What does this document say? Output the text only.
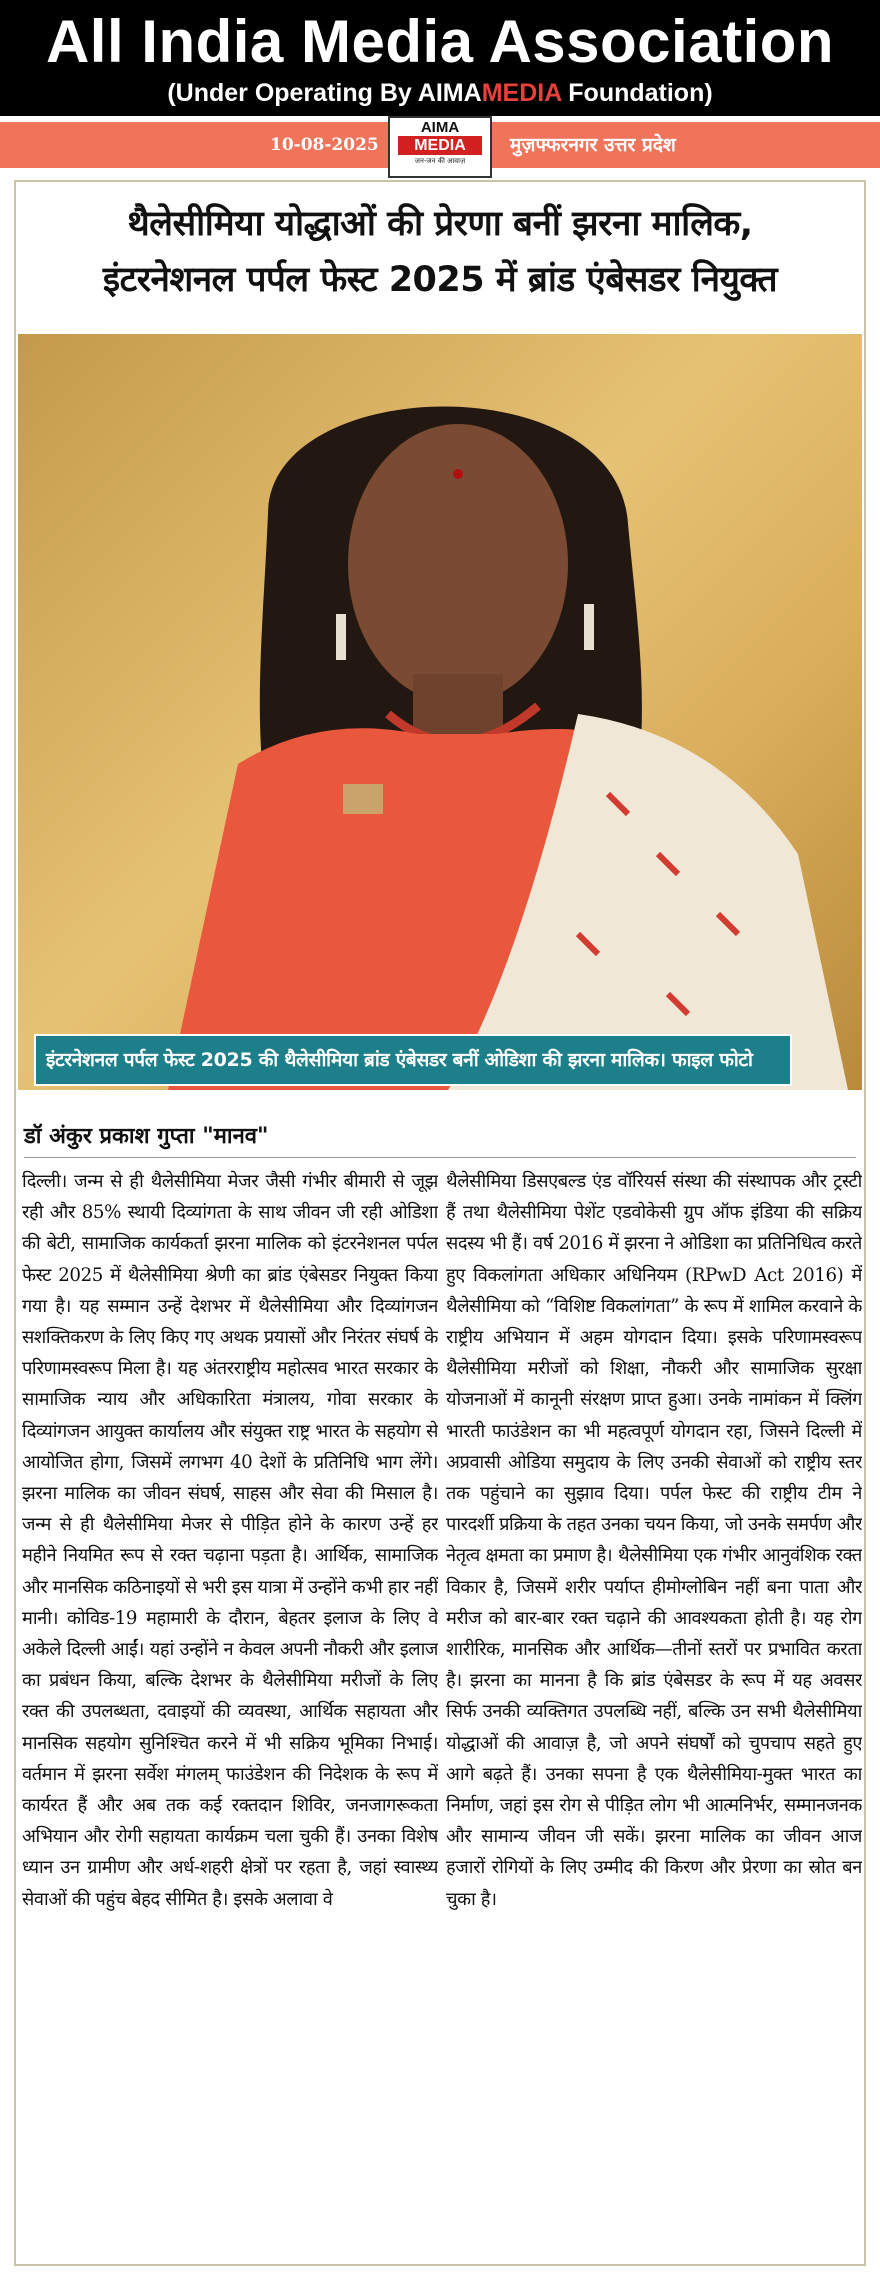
All India Media Association
(Under Operating By AIMAMEDIA Foundation)
10-08-2025	मुज़फ्फरनगर उत्तर प्रदेश
AIMA
MEDIA
जन-जन की आवाज़
थैलेसीमिया योद्धाओं की प्रेरणा बनीं झरना मालिक,
इंटरनेशनल पर्पल फेस्ट 2025 में ब्रांड एंबेसडर नियुक्त
इंटरनेशनल पर्पल फेस्ट 2025 की थैलेसीमिया ब्रांड एंबेसडर बनीं ओडिशा की झरना मालिक। फाइल फोटो
डॉ अंकुर प्रकाश गुप्ता "मानव"
दिल्ली। जन्म से ही थैलेसीमिया मेजर जैसी गंभीर बीमारी से जूझ रही और 85% स्थायी दिव्यांगता के साथ जीवन जी रही ओडिशा की बेटी, सामाजिक कार्यकर्ता झरना मालिक को इंटरनेशनल पर्पल फेस्ट 2025 में थैलेसीमिया श्रेणी का ब्रांड एंबेसडर नियुक्त किया गया है। यह सम्मान उन्हें देशभर में थैलेसीमिया और दिव्यांगजन सशक्तिकरण के लिए किए गए अथक प्रयासों और निरंतर संघर्ष के परिणामस्वरूप मिला है। यह अंतरराष्ट्रीय महोत्सव भारत सरकार के सामाजिक न्याय और अधिकारिता मंत्रालय, गोवा सरकार के दिव्यांगजन आयुक्त कार्यालय और संयुक्त राष्ट्र भारत के सहयोग से आयोजित होगा, जिसमें लगभग 40 देशों के प्रतिनिधि भाग लेंगे। झरना मालिक का जीवन संघर्ष, साहस और सेवा की मिसाल है। जन्म से ही थैलेसीमिया मेजर से पीड़ित होने के कारण उन्हें हर महीने नियमित रूप से रक्त चढ़ाना पड़ता है। आर्थिक, सामाजिक और मानसिक कठिनाइयों से भरी इस यात्रा में उन्होंने कभी हार नहीं मानी। कोविड-19 महामारी के दौरान, बेहतर इलाज के लिए वे अकेले दिल्ली आईं। यहां उन्होंने न केवल अपनी नौकरी और इलाज का प्रबंधन किया, बल्कि देशभर के थैलेसीमिया मरीजों के लिए रक्त की उपलब्धता, दवाइयों की व्यवस्था, आर्थिक सहायता और मानसिक सहयोग सुनिश्चित करने में भी सक्रिय भूमिका निभाई। वर्तमान में झरना सर्वेश मंगलम् फाउंडेशन की निदेशक के रूप में कार्यरत हैं और अब तक कई रक्तदान शिविर, जनजागरूकता अभियान और रोगी सहायता कार्यक्रम चला चुकी हैं। उनका विशेष ध्यान उन ग्रामीण और अर्ध-शहरी क्षेत्रों पर रहता है, जहां स्वास्थ्य सेवाओं की पहुंच बेहद सीमित है। इसके अलावा वे
थैलेसीमिया डिसएबल्ड एंड वॉरियर्स संस्था की संस्थापक और ट्रस्टी हैं तथा थैलेसीमिया पेशेंट एडवोकेसी ग्रुप ऑफ इंडिया की सक्रिय सदस्य भी हैं। वर्ष 2016 में झरना ने ओडिशा का प्रतिनिधित्व करते हुए विकलांगता अधिकार अधिनियम (RPwD Act 2016) में थैलेसीमिया को “विशिष्ट विकलांगता” के रूप में शामिल करवाने के राष्ट्रीय अभियान में अहम योगदान दिया। इसके परिणामस्वरूप थैलेसीमिया मरीजों को शिक्षा, नौकरी और सामाजिक सुरक्षा योजनाओं में कानूनी संरक्षण प्राप्त हुआ। उनके नामांकन में क्लिंग भारती फाउंडेशन का भी महत्वपूर्ण योगदान रहा, जिसने दिल्ली में अप्रवासी ओडिया समुदाय के लिए उनकी सेवाओं को राष्ट्रीय स्तर तक पहुंचाने का सुझाव दिया। पर्पल फेस्ट की राष्ट्रीय टीम ने पारदर्शी प्रक्रिया के तहत उनका चयन किया, जो उनके समर्पण और नेतृत्व क्षमता का प्रमाण है। थैलेसीमिया एक गंभीर आनुवंशिक रक्त विकार है, जिसमें शरीर पर्याप्त हीमोग्लोबिन नहीं बना पाता और मरीज को बार-बार रक्त चढ़ाने की आवश्यकता होती है। यह रोग शारीरिक, मानसिक और आर्थिक—तीनों स्तरों पर प्रभावित करता है। झरना का मानना है कि ब्रांड एंबेसडर के रूप में यह अवसर सिर्फ उनकी व्यक्तिगत उपलब्धि नहीं, बल्कि उन सभी थैलेसीमिया योद्धाओं की आवाज़ है, जो अपने संघर्षों को चुपचाप सहते हुए आगे बढ़ते हैं। उनका सपना है एक थैलेसीमिया-मुक्त भारत का निर्माण, जहां इस रोग से पीड़ित लोग भी आत्मनिर्भर, सम्मानजनक और सामान्य जीवन जी सकें। झरना मालिक का जीवन आज हजारों रोगियों के लिए उम्मीद की किरण और प्रेरणा का स्रोत बन चुका है।
